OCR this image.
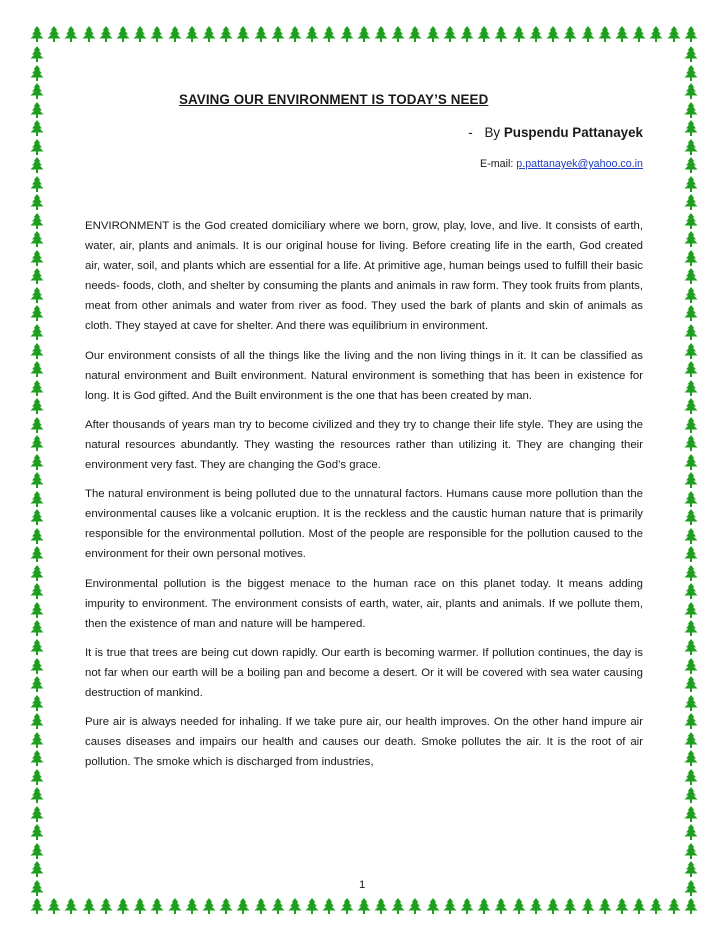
SAVING OUR ENVIRONMENT IS TODAY’S NEED
- By Puspendu Pattanayek
E-mail: p.pattanayek@yahoo.co.in

ENVIRONMENT is the God created domiciliary where we born, grow, play, love, and live. It consists of earth, water, air, plants and animals. It is our original house for living. Before creating life in the earth, God created air, water, soil, and plants which are essential for a life. At primitive age, human beings used to fulfill their basic needs- foods, cloth, and shelter by consuming the plants and animals in raw form. They took fruits from plants, meat from other animals and water from river as food. They used the bark of plants and skin of animals as cloth. They stayed at cave for shelter. And there was equilibrium in environment.

Our environment consists of all the things like the living and the non living things in it. It can be classified as natural environment and Built environment. Natural environment is something that has been in existence for long. It is God gifted. And the Built environment is the one that has been created by man.

After thousands of years man try to become civilized and they try to change their life style. They are using the natural resources abundantly. They wasting the resources rather than utilizing it. They are changing their environment very fast. They are changing the God’s grace.

The natural environment is being polluted due to the unnatural factors. Humans cause more pollution than the environmental causes like a volcanic eruption. It is the reckless and the caustic human nature that is primarily responsible for the environmental pollution. Most of the people are responsible for the pollution caused to the environment for their own personal motives.

Environmental pollution is the biggest menace to the human race on this planet today. It means adding impurity to environment. The environment consists of earth, water, air, plants and animals. If we pollute them, then the existence of man and nature will be hampered.

It is true that trees are being cut down rapidly. Our earth is becoming warmer. If pollution continues, the day is not far when our earth will be a boiling pan and become a desert. Or it will be covered with sea water causing destruction of mankind.

Pure air is always needed for inhaling. If we take pure air, our health improves. On the other hand impure air causes diseases and impairs our health and causes our death. Smoke pollutes the air. It is the root of air pollution. The smoke which is discharged from industries,

1
